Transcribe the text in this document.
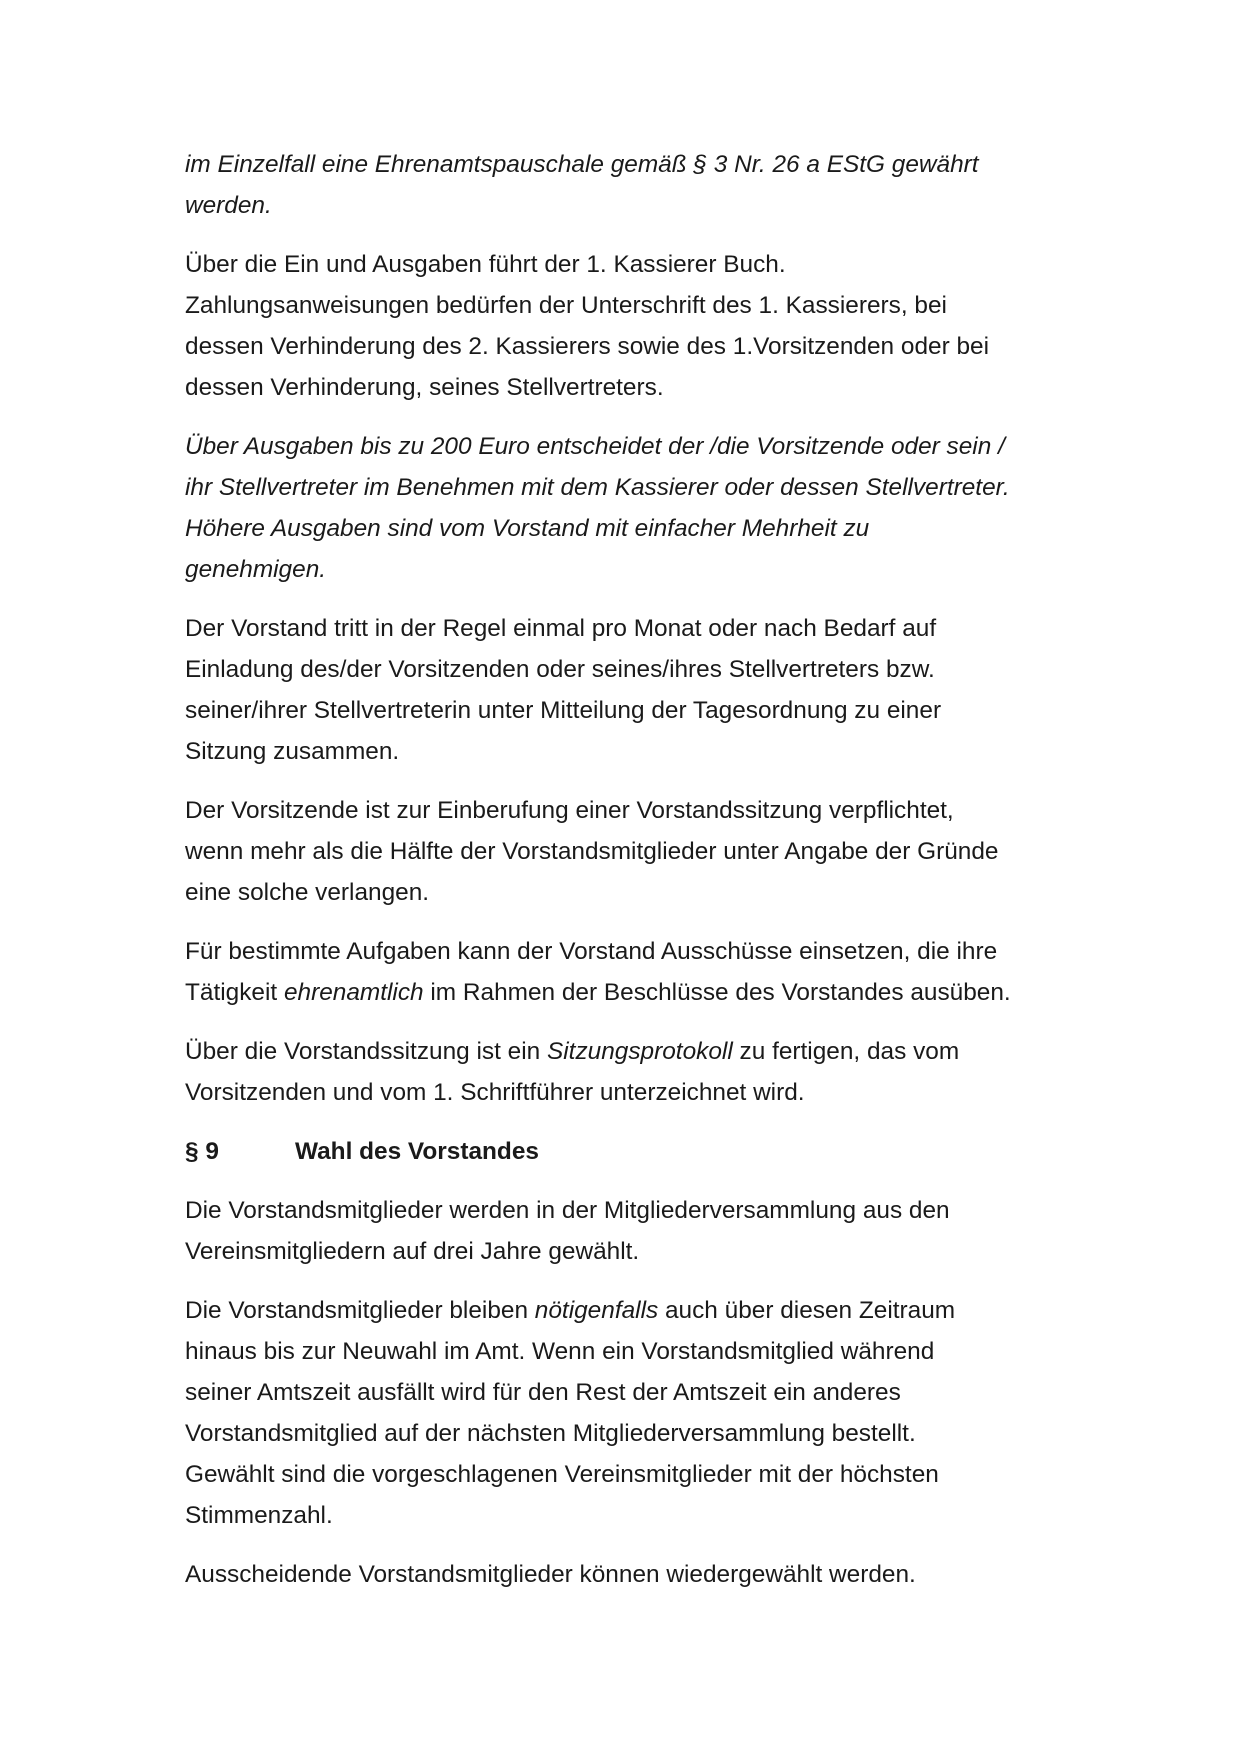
im Einzelfall eine Ehrenamtspauschale gemäß § 3 Nr. 26 a EStG gewährt
werden.

Über die Ein und Ausgaben führt der 1. Kassierer Buch.
Zahlungsanweisungen bedürfen der Unterschrift des 1. Kassierers, bei
dessen Verhinderung des 2. Kassierers sowie des 1.Vorsitzenden oder bei
dessen Verhinderung, seines Stellvertreters.

Über Ausgaben bis zu 200 Euro entscheidet der /die Vorsitzende oder sein /
ihr Stellvertreter im Benehmen mit dem Kassierer oder dessen Stellvertreter.
Höhere Ausgaben sind vom Vorstand mit einfacher Mehrheit zu
genehmigen.

Der Vorstand tritt in der Regel einmal pro Monat oder nach Bedarf auf
Einladung des/der Vorsitzenden oder seines/ihres Stellvertreters bzw.
seiner/ihrer Stellvertreterin unter Mitteilung der Tagesordnung zu einer
Sitzung zusammen.

Der Vorsitzende ist zur Einberufung einer Vorstandssitzung verpflichtet,
wenn mehr als die Hälfte der Vorstandsmitglieder unter Angabe der Gründe
eine solche verlangen.

Für bestimmte Aufgaben kann der Vorstand Ausschüsse einsetzen, die ihre
Tätigkeit ehrenamtlich im Rahmen der Beschlüsse des Vorstandes ausüben.

Über die Vorstandssitzung ist ein Sitzungsprotokoll zu fertigen, das vom
Vorsitzenden und vom 1. Schriftführer unterzeichnet wird.

§ 9	Wahl des Vorstandes

Die Vorstandsmitglieder werden in der Mitgliederversammlung aus den
Vereinsmitgliedern auf drei Jahre gewählt.

Die Vorstandsmitglieder bleiben nötigenfalls auch über diesen Zeitraum
hinaus bis zur Neuwahl im Amt. Wenn ein Vorstandsmitglied während
seiner Amtszeit ausfällt wird für den Rest der Amtszeit ein anderes
Vorstandsmitglied auf der nächsten Mitgliederversammlung bestellt.
Gewählt sind die vorgeschlagenen Vereinsmitglieder mit der höchsten
Stimmenzahl.

Ausscheidende Vorstandsmitglieder können wiedergewählt werden.
